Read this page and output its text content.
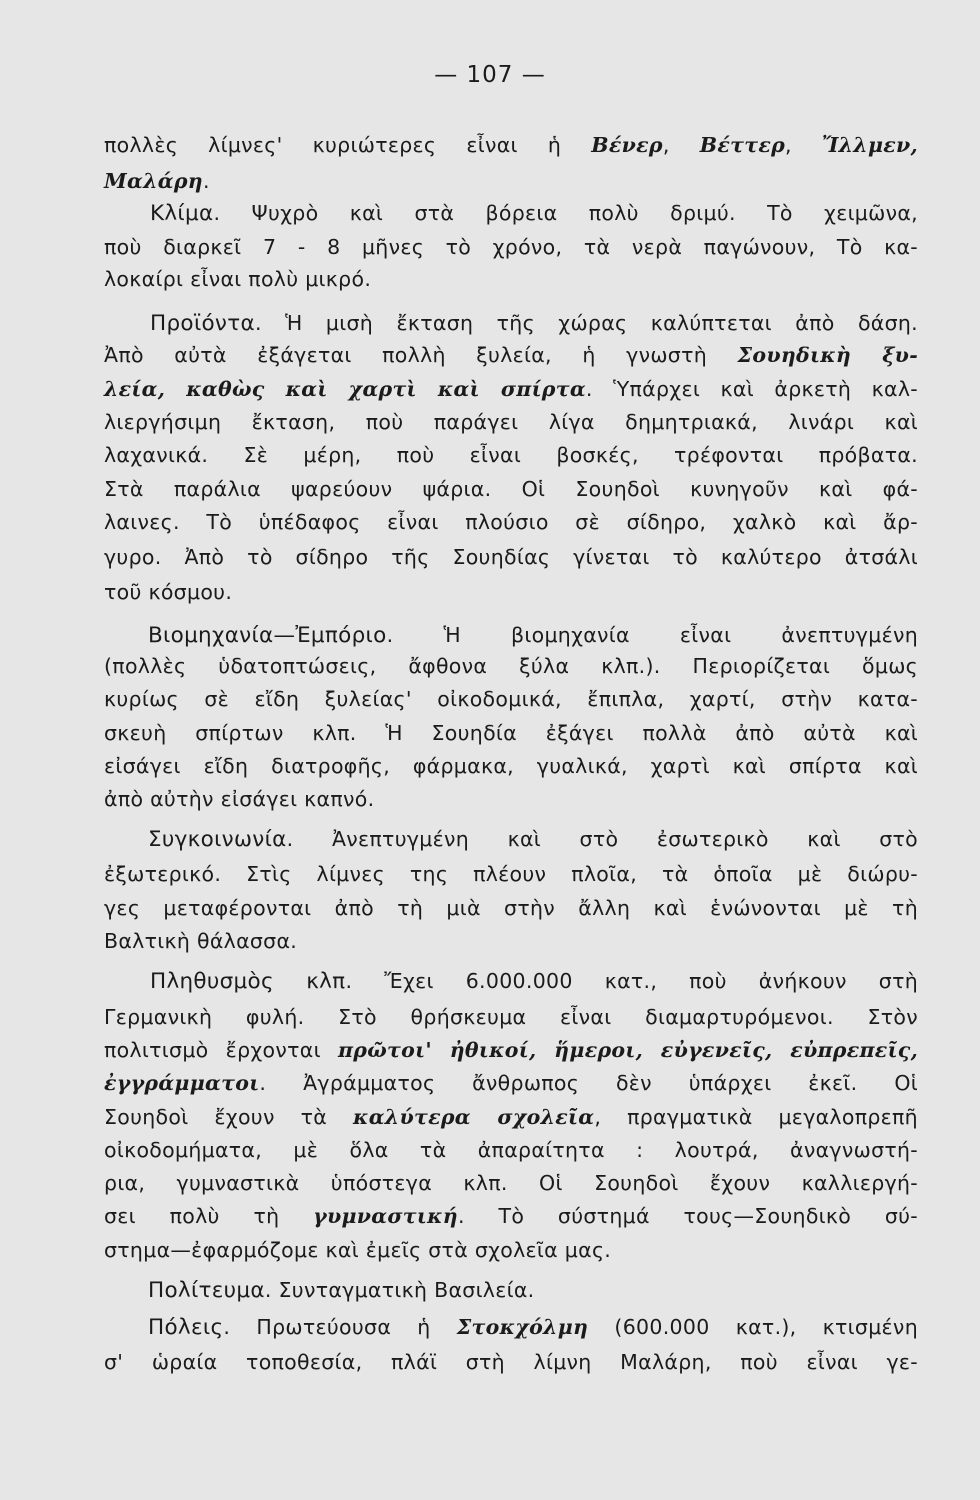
— 107 —
πολλὲς λίμνες' κυριώτερες εἶναι ἡ Βένερ, Βέττερ, Ἴλλμεν,
Μαλάρη.
Κλίμα. Ψυχρὸ καὶ στὰ βόρεια πολὺ δριμύ. Τὸ χειμῶνα,
ποὺ διαρκεῖ 7 - 8 μῆνες τὸ χρόνο, τὰ νερὰ παγώνουν, Τὸ κα-
λοκαίρι εἶναι πολὺ μικρό.
Προϊόντα. Ἡ μισὴ ἔκταση τῆς χώρας καλύπτεται ἀπὸ δάση.
Ἀπὸ αὐτὰ ἐξάγεται πολλὴ ξυλεία, ἡ γνωστὴ Σουηδικὴ ξυ-
λεία, καθὼς καὶ χαρτὶ καὶ σπίρτα. Ὑπάρχει καὶ ἀρκετὴ καλ-
λιεργήσιμη ἔκταση, ποὺ παράγει λίγα δημητριακά, λινάρι καὶ
λαχανικά. Σὲ μέρη, ποὺ εἶναι βοσκές, τρέφονται πρόβατα.
Στὰ παράλια ψαρεύουν ψάρια. Οἱ Σουηδοὶ κυνηγοῦν καὶ φά-
λαινες. Τὸ ὑπέδαφος εἶναι πλούσιο σὲ σίδηρο, χαλκὸ καὶ ἄρ-
γυρο. Ἀπὸ τὸ σίδηρο τῆς Σουηδίας γίνεται τὸ καλύτερο ἀτσάλι
τοῦ κόσμου.
Βιομηχανία—Ἐμπόριο. Ἡ βιομηχανία εἶναι ἀνεπτυγμένη
(πολλὲς ὑδατοπτώσεις, ἄφθονα ξύλα κλπ.). Περιορίζεται ὅμως
κυρίως σὲ εἴδη ξυλείας' οἰκοδομικά, ἔπιπλα, χαρτί, στὴν κατα-
σκευὴ σπίρτων κλπ. Ἡ Σουηδία ἐξάγει πολλὰ ἀπὸ αὐτὰ καὶ
εἰσάγει εἴδη διατροφῆς, φάρμακα, γυαλικά, χαρτὶ καὶ σπίρτα καὶ
ἀπὸ αὐτὴν εἰσάγει καπνό.
Συγκοινωνία. Ἀνεπτυγμένη καὶ στὸ ἐσωτερικὸ καὶ στὸ
ἐξωτερικό. Στὶς λίμνες της πλέουν πλοῖα, τὰ ὁποῖα μὲ διώρυ-
γες μεταφέρονται ἀπὸ τὴ μιὰ στὴν ἄλλη καὶ ἑνώνονται μὲ τὴ
Βαλτικὴ θάλασσα.
Πληθυσμὸς κλπ. Ἔχει 6.000.000 κατ., ποὺ ἀνήκουν στὴ
Γερμανικὴ φυλή. Στὸ θρήσκευμα εἶναι διαμαρτυρόμενοι. Στὸν
πολιτισμὸ ἔρχονται πρῶτοι' ἠθικοί, ἥμεροι, εὐγενεῖς, εὐπρεπεῖς,
ἐγγράμματοι. Ἀγράμματος ἄνθρωπος δὲν ὑπάρχει ἐκεῖ. Οἱ
Σουηδοὶ ἔχουν τὰ καλύτερα σχολεῖα, πραγματικὰ μεγαλοπρεπῆ
οἰκοδομήματα, μὲ ὅλα τὰ ἀπαραίτητα : λουτρά, ἀναγνωστή-
ρια, γυμναστικὰ ὑπόστεγα κλπ. Οἱ Σουηδοὶ ἔχουν καλλιεργή-
σει πολὺ τὴ γυμναστική. Τὸ σύστημά τους—Σουηδικὸ σύ-
στημα—ἐφαρμόζομε καὶ ἐμεῖς στὰ σχολεῖα μας.
Πολίτευμα. Συνταγματικὴ Βασιλεία.
Πόλεις. Πρωτεύουσα ἡ Στοκχόλμη (600.000 κατ.), κτισμένη
σ' ὡραία τοποθεσία, πλάϊ στὴ λίμνη Μαλάρη, ποὺ εἶναι γε-
